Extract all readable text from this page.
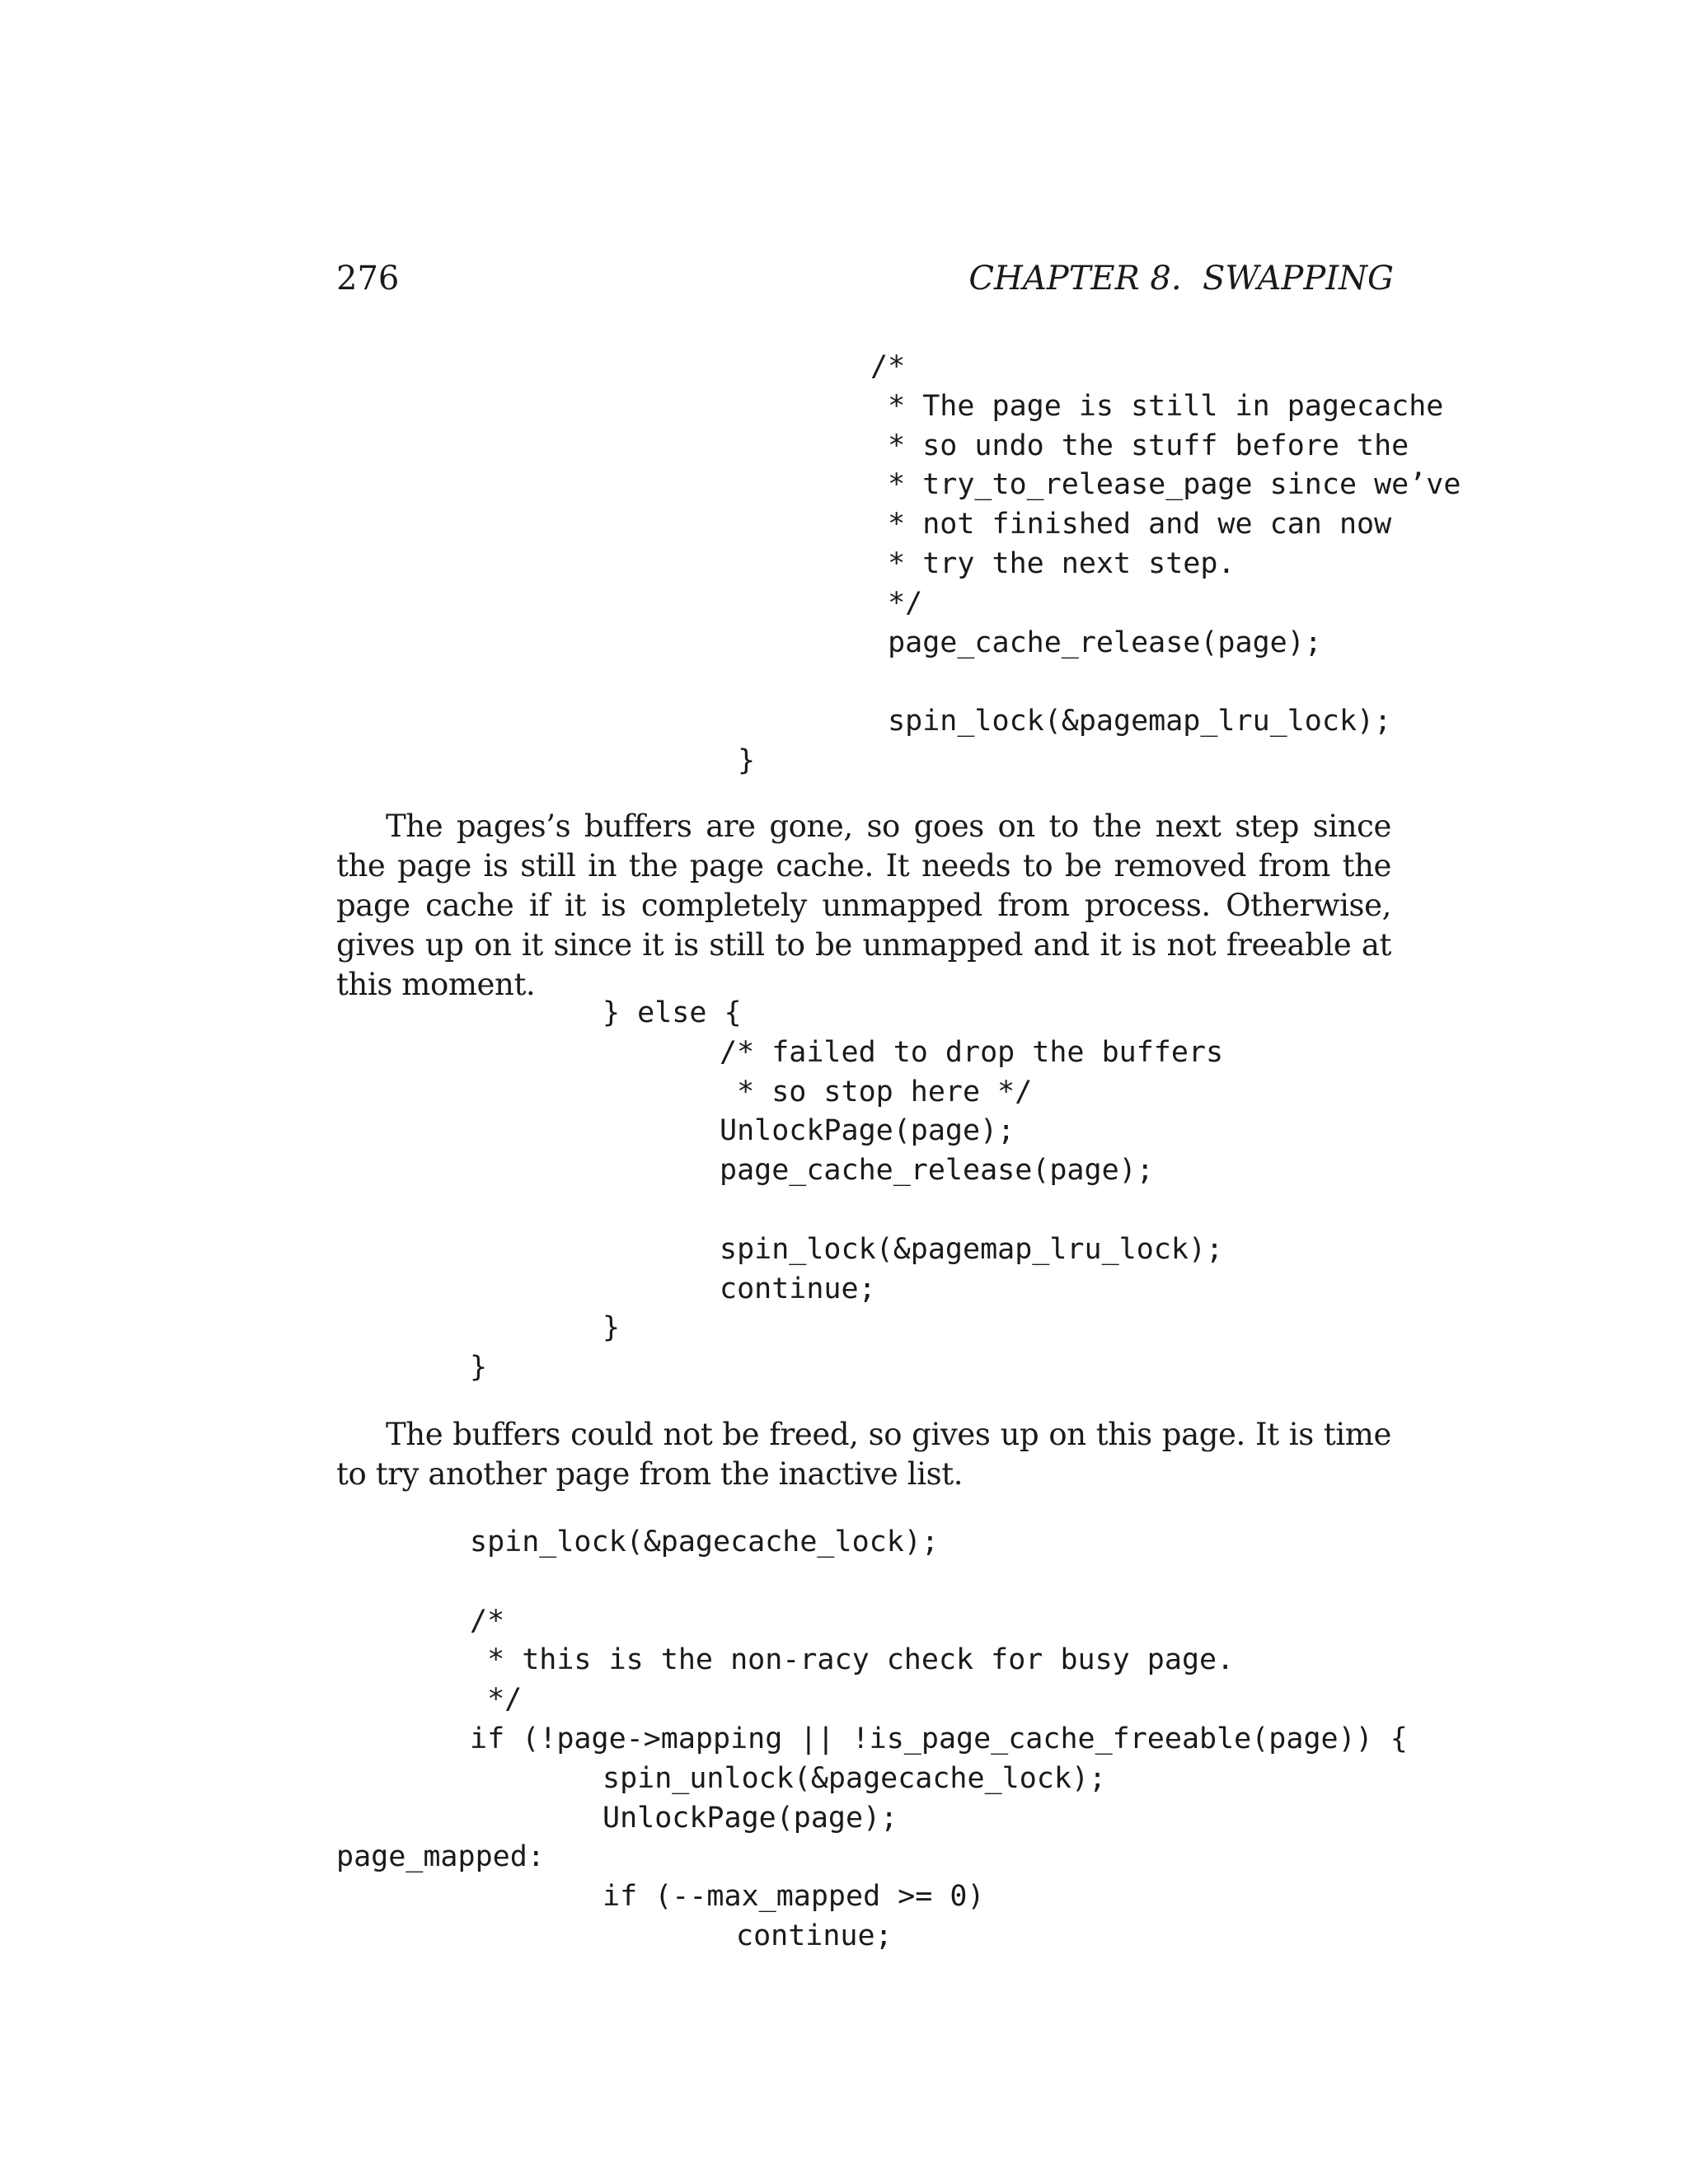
276	CHAPTER 8.  SWAPPING
/*
* The page is still in pagecache
* so undo the stuff before the
* try_to_release_page since we’ve
* not finished and we can now
* try the next step.
*/
page_cache_release(page);
spin_lock(&pagemap_lru_lock);
}

The pages’s buffers are gone, so goes on to the next step since the page is still in the page cache. It needs to be removed from the page cache if it is completely unmapped from process. Otherwise, gives up on it since it is still to be unmapped and it is not freeable at this moment.

} else {
/* failed to drop the buffers
* so stop here */
UnlockPage(page);
page_cache_release(page);
spin_lock(&pagemap_lru_lock);
continue;
}
}

The buffers could not be freed, so gives up on this page. It is time to try another page from the inactive list.

spin_lock(&pagecache_lock);
/*
* this is the non-racy check for busy page.
*/
if (!page->mapping || !is_page_cache_freeable(page)) {
spin_unlock(&pagecache_lock);
UnlockPage(page);
page_mapped:
if (--max_mapped >= 0)
continue;
